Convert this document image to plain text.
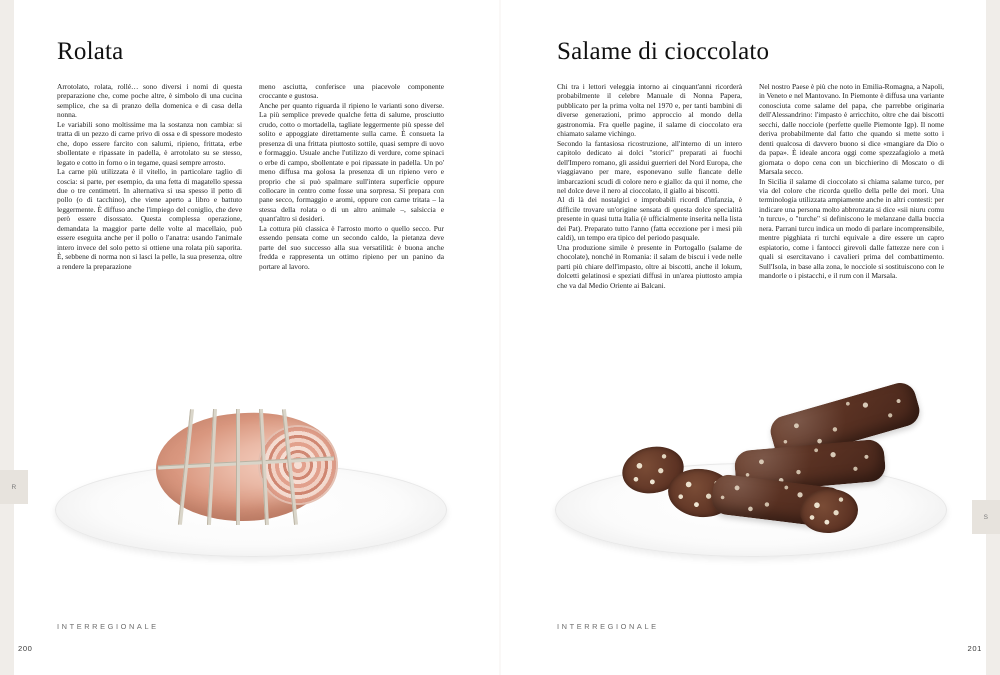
Rolata

Arrotolato, rolata, rollé… sono diversi i nomi di questa preparazione che, come poche altre, è simbolo di una cucina semplice, che sa di pranzo della domenica e di casa della nonna.

Le variabili sono moltissime ma la sostanza non cambia: si tratta di un pezzo di carne privo di ossa e di spessore modesto che, dopo essere farcito con salumi, ripieno, frittata, erbe sbollentate e ripassate in padella, è arrotolato su se stesso, legato e cotto in forno o in tegame, quasi sempre arrosto.

La carne più utilizzata è il vitello, in particolare taglio di coscia: si parte, per esempio, da una fetta di magatello spessa due o tre centimetri. In alternativa si usa spesso il petto di pollo (o di tacchino), che viene aperto a libro e battuto leggermente. È diffuso anche l'impiego del coniglio, che deve però essere disossato. Questa complessa operazione, demandata la maggior parte delle volte al macellaio, può essere eseguita anche per il pollo o l'anatra: usando l'animale intero invece del solo petto si ottiene una rolata più saporita. È, sebbene di norma non si lasci la pelle, la sua presenza, oltre a rendere la preparazione

meno asciutta, conferisce una piacevole componente croccante e gustosa.

Anche per quanto riguarda il ripieno le varianti sono diverse. La più semplice prevede qualche fetta di salume, prosciutto crudo, cotto o mortadella, tagliate leggermente più spesse del solito e appoggiate direttamente sulla carne. È consueta la presenza di una frittata piuttosto sottile, quasi sempre di uovo e formaggio. Usuale anche l'utilizzo di verdure, come spinaci o erbe di campo, sbollentate e poi ripassate in padella. Un po' meno diffusa ma golosa la presenza di un ripieno vero e proprio che si può spalmare sull'intera superficie oppure collocare in centro come fosse una sorpresa. Si prepara con pane secco, formaggio e aromi, oppure con carne tritata – la stessa della rolata o di un altro animale –, salsiccia e quant'altro si desideri.

La cottura più classica è l'arrosto morto o quello secco. Pur essendo pensata come un secondo caldo, la pietanza deve parte del suo successo alla sua versatilità: è buona anche fredda e rappresenta un ottimo ripieno per un panino da portare al lavoro.

INTERREGIONALE
200
R
Salame di cioccolato

Chi tra i lettori veleggia intorno ai cinquant'anni ricorderà probabilmente il celebre Manuale di Nonna Papera, pubblicato per la prima volta nel 1970 e, per tanti bambini di diverse generazioni, primo approccio al mondo della gastronomia. Fra quelle pagine, il salame di cioccolato era chiamato salame vichingo.

Secondo la fantasiosa ricostruzione, all'interno di un intero capitolo dedicato ai dolci "storici" preparati ai fuochi dell'Impero romano, gli assidui guerrieri del Nord Europa, che viaggiavano per mare, esponevano sulle fiancate delle imbarcazioni scudi di colore nero e giallo: da qui il nome, che nel dolce deve il nero al cioccolato, il giallo ai biscotti.

Al di là dei nostalgici e improbabili ricordi d'infanzia, è difficile trovare un'origine sensata di questa dolce specialità presente in quasi tutta Italia (è ufficialmente inserita nella lista dei Pat). Preparato tutto l'anno (fatta eccezione per i mesi più caldi), un tempo era tipico del periodo pasquale.

Una produzione simile è presente in Portogallo (salame de chocolate), nonché in Romania: il salam de biscui i vede nelle parti più chiare dell'impasto, oltre ai biscotti, anche il lokum, dolcetti gelatinosi e speziati diffusi in un'area piuttosto ampia che va dal Medio Oriente ai Balcani.

Nel nostro Paese è più che noto in Emilia-Romagna, a Napoli, in Veneto e nel Mantovano. In Piemonte è diffusa una variante conosciuta come salame del papa, che parrebbe originaria dell'Alessandrino: l'impasto è arricchito, oltre che dai biscotti secchi, dalle nocciole (perfette quelle Piemonte Igp). Il nome deriva probabilmente dal fatto che quando si mette sotto i denti qualcosa di davvero buono si dice «mangiare da Dio o da papa». È ideale ancora oggi come spezzafagiolo a metà giornata o dopo cena con un bicchierino di Moscato o di Marsala secco.

In Sicilia il salame di cioccolato si chiama salame turco, per via del colore che ricorda quello della pelle dei mori. Una terminologia utilizzata ampiamente anche in altri contesti: per indicare una persona molto abbronzata si dice «sii niuru comu 'n turcu», o "turche" si definiscono le melanzane dalla buccia nera. Parrani turcu indica un modo di parlare incomprensibile, mentre pigghiata ri turchi equivale a dire essere un capro espiatorio, come i fantocci girevoli dalle fattezze nere con i quali si esercitavano i cavalieri prima del combattimento. Sull'Isola, in base alla zona, le nocciole si sostituiscono con le mandorle o i pistacchi, e il rum con il Marsala.

INTERREGIONALE
201
S
